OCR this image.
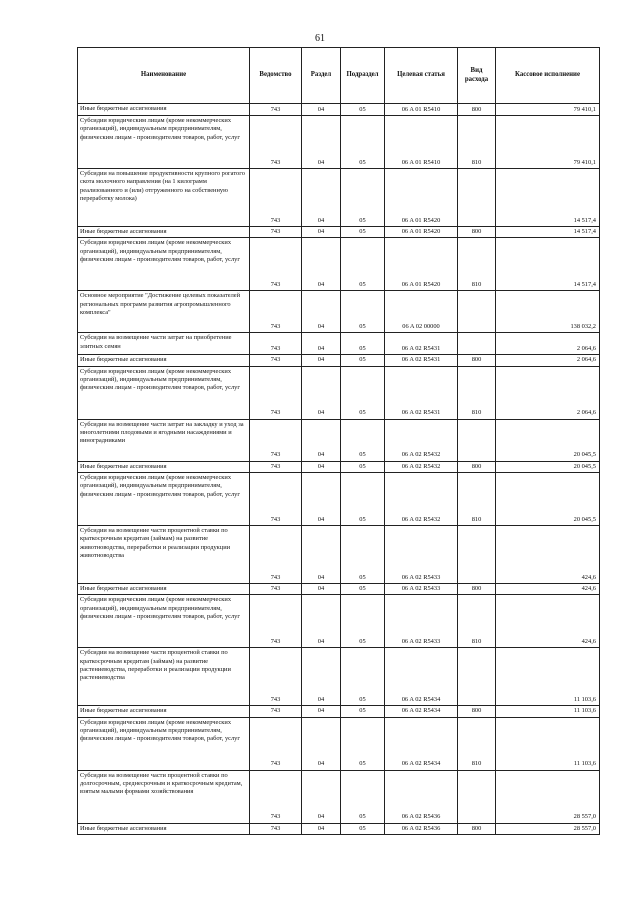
61
Наименование	Ведомство	Раздел	Подраздел	Целевая статья	Вид расхода	Кассовое исполнение
Иные бюджетные ассигнования	743	04	05	06 A 01 R5410	800	79 410,1
Субсидии юридическим лицам (кроме некоммерческих организаций), индивидуальным предпринимателям, физическим лицам - производителям товаров, работ, услуг	743	04	05	06 A 01 R5410	810	79 410,1
Субсидии на повышение продуктивности крупного рогатого скота молочного направления (на 1 килограмм реализованного и (или) отгруженного на собственную переработку молока)	743	04	05	06 A 01 R5420		14 517,4
Иные бюджетные ассигнования	743	04	05	06 A 01 R5420	800	14 517,4
Субсидии юридическим лицам (кроме некоммерческих организаций), индивидуальным предпринимателям, физическим лицам - производителям товаров, работ, услуг	743	04	05	06 A 01 R5420	810	14 517,4
Основное мероприятие "Достижение целевых показателей региональных программ развития агропромышленного комплекса"	743	04	05	06 A 02 00000		138 032,2
Субсидии на возмещение части затрат на приобретение элитных семян	743	04	05	06 A 02 R5431		2 064,6
Иные бюджетные ассигнования	743	04	05	06 A 02 R5431	800	2 064,6
Субсидии юридическим лицам (кроме некоммерческих организаций), индивидуальным предпринимателям, физическим лицам - производителям товаров, работ, услуг	743	04	05	06 A 02 R5431	810	2 064,6
Субсидии на возмещение части затрат на закладку и уход за многолетними плодовыми и ягодными насаждениями и виноградниками	743	04	05	06 A 02 R5432		20 045,5
Иные бюджетные ассигнования	743	04	05	06 A 02 R5432	800	20 045,5
Субсидии юридическим лицам (кроме некоммерческих организаций), индивидуальным предпринимателям, физическим лицам - производителям товаров, работ, услуг	743	04	05	06 A 02 R5432	810	20 045,5
Субсидии на возмещение части процентной ставки по краткосрочным кредитам (займам) на развитие животноводства, переработки и реализации продукции животноводства	743	04	05	06 A 02 R5433		424,6
Иные бюджетные ассигнования	743	04	05	06 A 02 R5433	800	424,6
Субсидии юридическим лицам (кроме некоммерческих организаций), индивидуальным предпринимателям, физическим лицам - производителям товаров, работ, услуг	743	04	05	06 A 02 R5433	810	424,6
Субсидии на возмещение части процентной ставки по краткосрочным кредитам (займам) на развитие растениеводства, переработки и реализации продукции растениеводства	743	04	05	06 A 02 R5434		11 103,6
Иные бюджетные ассигнования	743	04	05	06 A 02 R5434	800	11 103,6
Субсидии юридическим лицам (кроме некоммерческих организаций), индивидуальным предпринимателям, физическим лицам - производителям товаров, работ, услуг	743	04	05	06 A 02 R5434	810	11 103,6
Субсидии на возмещение части процентной ставки по долгосрочным, среднесрочным и краткосрочным кредитам, взятым малыми формами хозяйствования	743	04	05	06 A 02 R5436		28 557,0
Иные бюджетные ассигнования	743	04	05	06 A 02 R5436	800	28 557,0
